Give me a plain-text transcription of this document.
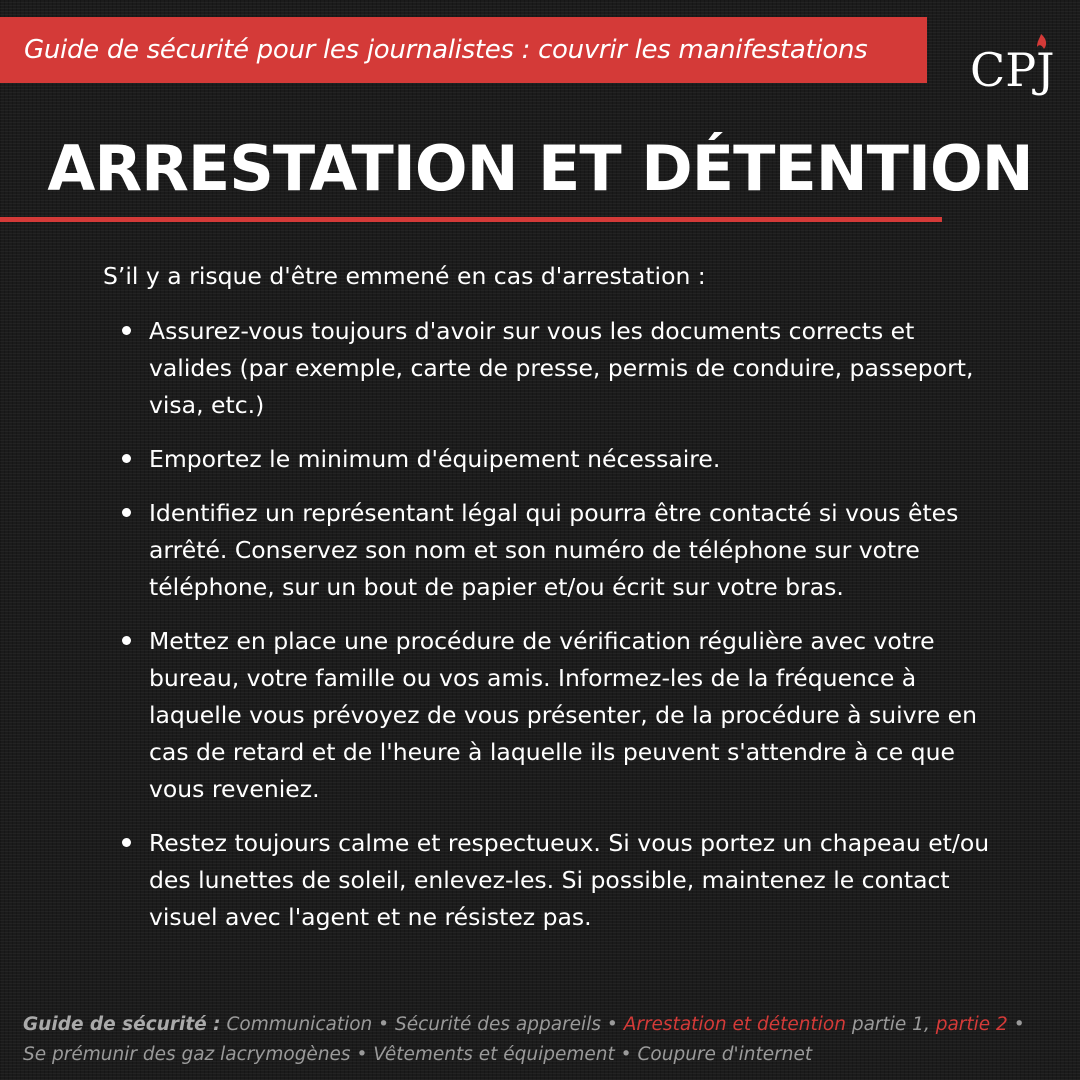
Guide de sécurité pour les journalistes : couvrir les manifestations CPJ
ARRESTATION ET DÉTENTION

S’il y a risque d'être emmené en cas d'arrestation :

Assurez-vous toujours d'avoir sur vous les documents corrects et valides (par exemple, carte de presse, permis de conduire, passeport, visa, etc.)
Emportez le minimum d'équipement nécessaire.
Identifiez un représentant légal qui pourra être contacté si vous êtes arrêté. Conservez son nom et son numéro de téléphone sur votre téléphone, sur un bout de papier et/ou écrit sur votre bras.
Mettez en place une procédure de vérification régulière avec votre bureau, votre famille ou vos amis. Informez-les de la fréquence à laquelle vous prévoyez de vous présenter, de la procédure à suivre en cas de retard et de l'heure à laquelle ils peuvent s'attendre à ce que vous reveniez.
Restez toujours calme et respectueux. Si vous portez un chapeau et/ou des lunettes de soleil, enlevez-les. Si possible, maintenez le contact visuel avec l'agent et ne résistez pas.
Guide de sécurité : Communication • Sécurité des appareils • Arrestation et détention partie 1, partie 2 •
Se prémunir des gaz lacrymogènes • Vêtements et équipement • Coupure d'internet
